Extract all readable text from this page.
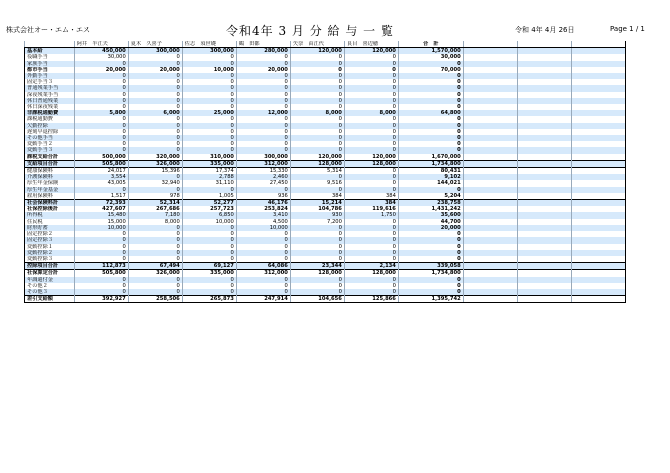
株式会社オー・エム・エス	令和4年 3 月 分 給 与 一 覧	令和 4年 4月 26日	Page 1 / 1
	阿井　半江夫	夏木　久喜子	佐志　須世礎	鶴　田都	矢奈　由江代	良目　喜辺穂	合　計			
基本給	450,000	300,000	300,000	280,000	120,000	120,000	1,570,000			
役職手当	30,000	0	0	0	0	0	30,000			
家族手当	0	0	0	0	0	0	0			
都市手当	20,000	20,000	10,000	20,000	0	0	70,000			
外勤手当	0	0	0	0	0	0	0			
固定手当３	0	0	0	0	0	0	0			
普通残業手当	0	0	0	0	0	0	0			
深夜残業手当	0	0	0	0	0	0	0			
休日普通残業	0	0	0	0	0	0	0			
休日深夜残業	0	0	0	0	0	0	0			
非課税通勤費	5,800	6,000	25,000	12,000	8,000	8,000	64,800			
課税通勤費	0	0	0	0	0	0	0			
欠勤控除	0	0	0	0	0	0	0			
遅刻早退控除	0	0	0	0	0	0	0			
その他手当	0	0	0	0	0	0	0			
変動手当２	0	0	0	0	0	0	0			
変動手当３	0	0	0	0	0	0	0			
課税支給合計	500,000	320,000	310,000	300,000	120,000	120,000	1,670,000			
支給項目合計	505,800	326,000	335,000	312,000	128,000	128,000	1,734,800			
健康保険料	24,017	15,396	17,374	15,330	5,314	0	80,431			
介護保険料	3,554	0	2,788	2,460	0	0	9,102			
厚生年金保険	43,005	32,940	31,110	27,450	9,516	0	144,021			
厚生年金基金	0	0	0	0	0	0	0			
雇用保険料	1,517	978	1,005	936	384	384	5,204			
社会保険料計	72,393	52,314	52,277	46,176	15,214	384	238,758			
社保控除後計	427,607	267,686	257,723	253,824	104,786	119,616	1,431,242			
所得税	15,480	7,180	6,850	3,410	930	1,750	35,600			
住民税	15,000	8,000	10,000	4,500	7,200	0	44,700			
財形貯蓄	10,000	0	0	10,000	0	0	20,000			
固定控除２	0	0	0	0	0	0	0			
固定控除３	0	0	0	0	0	0	0			
変動控除１	0	0	0	0	0	0	0			
変動控除２	0	0	0	0	0	0	0			
変動控除３	0	0	0	0	0	0	0			
控除項目合計	112,873	67,494	69,127	64,086	23,344	2,134	339,058			
社保算定合計	505,800	326,000	335,000	312,000	128,000	128,000	1,734,800			
年調還付金	0	0	0	0	0	0	0			
その他２	0	0	0	0	0	0	0			
その他３	0	0	0	0	0	0	0			
差引支給額	392,927	258,506	265,873	247,914	104,656	125,866	1,395,742			
